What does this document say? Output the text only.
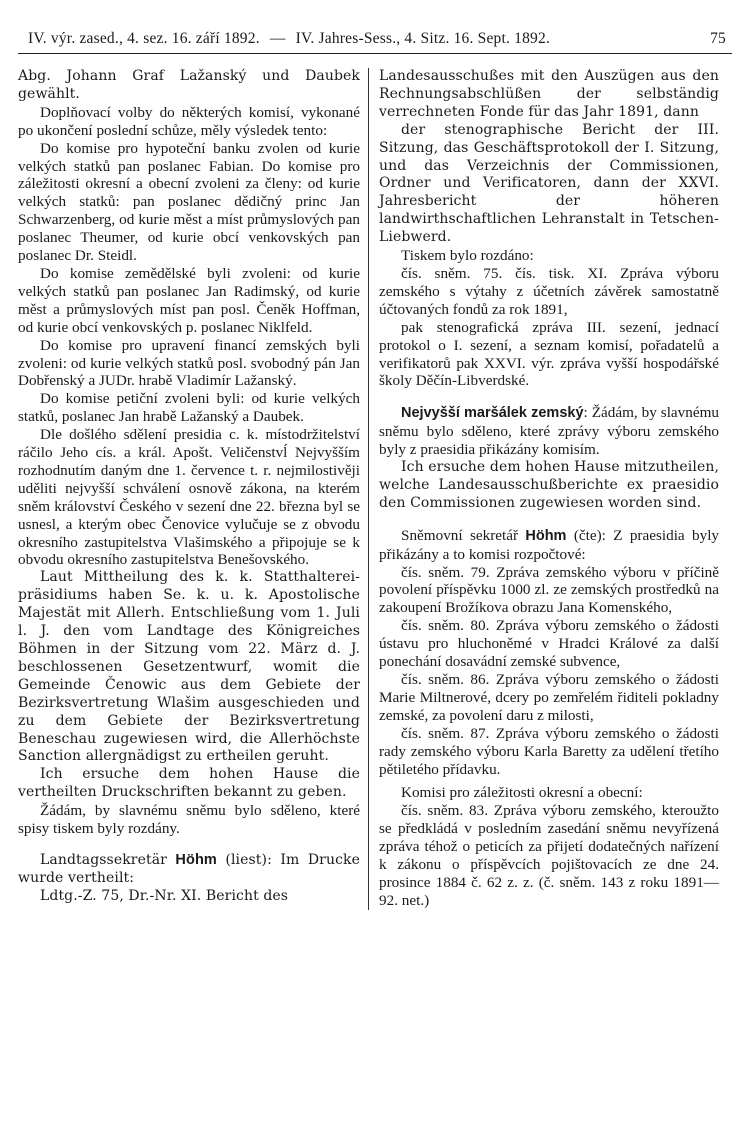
IV. výr. zased., 4. sez. 16. září 1892. — IV. Jahres-Sess., 4. Sitz. 16. Sept. 1892.	75

Abg. Johann Graf Lažanský und Daubek gewählt.

Doplňovací volby do některých komisí, vykonané po ukončení poslední schůze, měly výsledek tento:

Do komise pro hypoteční banku zvolen od kurie velkých statků pan poslanec Fabian. Do komise pro záležitosti okresní a obecní zvoleni za členy: od kurie velkých statků: pan poslanec dědičný princ Jan Schwarzenberg, od kurie měst a míst průmyslových pan poslanec Theumer, od kurie obcí venkovských pan poslanec Dr. Steidl.

Do komise zemědělské byli zvoleni: od kurie velkých statků pan poslanec Jan Radimský, od kurie měst a průmyslových míst pan posl. Čeněk Hoffman, od kurie obcí venkovských p. poslanec Niklfeld.

Do komise pro upravení financí zemských byli zvoleni: od kurie velkých statků posl. svobodný pán Jan Dobřenský a JUDr. hrabě Vladimír Lažanský.

Do komise petiční zvoleni byli: od kurie velkých statků, poslanec Jan hrabě Lažanský a Daubek.

Dle došlého sdělení presidia c. k. místodržitelství ráčilo Jeho cís. a král. Apošt. Veličenstvĺ Nejvyšším rozhodnutím daným dne 1. července t. r. nejmilostivěji uděliti nejvyšší schválení osnově zákona, na kterém sněm království Českého v sezení dne 22. března byl se usnesl, a kterým obec Čenovice vylučuje se z obvodu okresního zastupitelstva Vlašimského a připojuje se k obvodu okresního zastupitelstva Benešovského.

Laut Mittheilung des k. k. Statthalterei-präsidiums haben Se. k. u. k. Apostolische Majestät mit Allerh. Entschließung vom 1. Juli l. J. den vom Landtage des Königreiches Böhmen in der Sitzung vom 22. März d. J. beschlossenen Gesetzentwurf, womit die Gemeinde Čenowic aus dem Gebiete der Bezirksvertretung Wlašim ausgeschieden und zu dem Gebiete der Bezirksvertretung Beneschau zugewiesen wird, die Allerhöchste Sanction allergnädigst zu ertheilen geruht.

Ich ersuche dem hohen Hause die vertheilten Druckschriften bekannt zu geben.

Žádám, by slavnému sněmu bylo sděleno, které spisy tiskem byly rozdány.

Landtagssekretär Höhm (liest): Im Drucke wurde vertheilt:

Ldtg.-Z. 75, Dr.-Nr. XI. Bericht des

Landesausschußes mit den Auszügen aus den Rechnungsabschlüßen der selbständig verrechneten Fonde für das Jahr 1891, dann

der stenographische Bericht der III. Sitzung, das Geschäftsprotokoll der I. Sitzung, und das Verzeichnis der Commissionen, Ordner und Verificatoren, dann der XXVI. Jahresbericht der höheren landwirthschaftlichen Lehranstalt in Tetschen-Liebwerd.

Tiskem bylo rozdáno:

čís. sněm. 75. čís. tisk. XI. Zpráva výboru zemského s výtahy z účetních závěrek samostatně účtovaných fondů za rok 1891,

pak stenografická zpráva III. sezení, jednací protokol o I. sezení, a seznam komisí, pořadatelů a verifikatorů pak XXVI. výr. zpráva vyšší hospodářské školy Děčín-Libverdské.

Nejvyšší maršálek zemský: Žádám, by slavnému sněmu bylo sděleno, které zprávy výboru zemského byly z praesidia přikázány komisím.

Ich ersuche dem hohen Hause mitzutheilen, welche Landesausschußberichte ex praesidio den Commissionen zugewiesen worden sind.

Sněmovní sekretář Höhm (čte): Z praesidia byly přikázány a to komisi rozpočtové:

čís. sněm. 79. Zpráva zemského výboru v příčině povolení příspěvku 1000 zl. ze zemských prostředků na zakoupení Brožíkova obrazu Jana Komenského,

čís. sněm. 80. Zpráva výboru zemského o žádosti ústavu pro hluchoněmé v Hradci Králové za další ponechání dosavádní zemské subvence,

čís. sněm. 86. Zpráva výboru zemského o žádosti Marie Miltnerové, dcery po zemřelém řiditeli pokladny zemské, za povolení daru z milosti,

čís. sněm. 87. Zpráva výboru zemského o žádosti rady zemského výboru Karla Baretty za udělení třetího pětiletého přídavku.

Komisi pro záležitosti okresní a obecní:

čís. sněm. 83. Zpráva výboru zemského, kteroužto se předkládá v posledním zasedání sněmu nevyřízená zpráva téhož o peticích za přijetí dodatečných nařízení k zákonu o příspěvcích pojištovacích ze dne 24. prosince 1884 č. 62 z. z. (č. sněm. 143 z roku 1891—92. net.)
